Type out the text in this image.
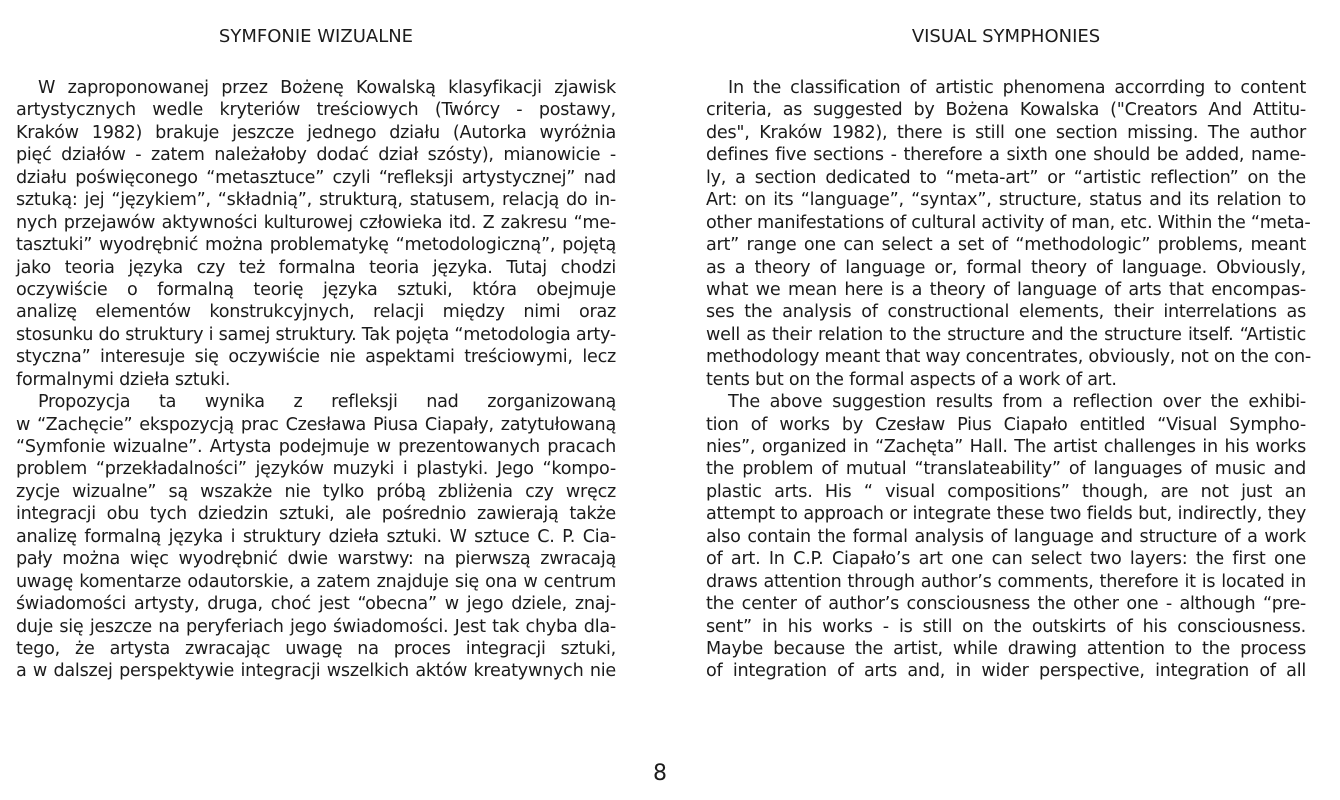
SYMFONIE WIZUALNE
W zaproponowanej przez Bożenę Kowalską klasyfikacji zjawisk
artystycznych wedle kryteriów treściowych (Twórcy - postawy,
Kraków 1982) brakuje jeszcze jednego działu (Autorka wyróżnia
pięć działów - zatem należałoby dodać dział szósty), mianowicie -
działu poświęconego “metasztuce” czyli “refleksji artystycznej” nad
sztuką: jej “językiem”, “składnią”, strukturą, statusem, relacją do in-
nych przejawów aktywności kulturowej człowieka itd. Z zakresu “me-
tasztuki” wyodrębnić można problematykę “metodologiczną”, pojętą
jako teoria języka czy też formalna teoria języka. Tutaj chodzi
oczywiście o formalną teorię języka sztuki, która obejmuje
analizę elementów konstrukcyjnych, relacji między nimi oraz
stosunku do struktury i samej struktury. Tak pojęta “metodologia arty-
styczna” interesuje się oczywiście nie aspektami treściowymi, lecz
formalnymi dzieła sztuki.
Propozycja ta wynika z refleksji nad zorganizowaną
w “Zachęcie” ekspozycją prac Czesława Piusa Ciapały, zatytułowaną
“Symfonie wizualne”. Artysta podejmuje w prezentowanych pracach
problem “przekładalności” języków muzyki i plastyki. Jego “kompo-
zycje wizualne” są wszakże nie tylko próbą zbliżenia czy wręcz
integracji obu tych dziedzin sztuki, ale pośrednio zawierają także
analizę formalną języka i struktury dzieła sztuki. W sztuce C. P. Cia-
pały można więc wyodrębnić dwie warstwy: na pierwszą zwracają
uwagę komentarze odautorskie, a zatem znajduje się ona w centrum
świadomości artysty, druga, choć jest “obecna” w jego dziele, znaj-
duje się jeszcze na peryferiach jego świadomości. Jest tak chyba dla-
tego, że artysta zwracając uwagę na proces integracji sztuki,
a w dalszej perspektywie integracji wszelkich aktów kreatywnych nie
VISUAL SYMPHONIES
In the classification of artistic phenomena accorrding to content
criteria, as suggested by Bożena Kowalska ("Creators And Attitu-
des", Kraków 1982), there is still one section missing. The author
defines five sections - therefore a sixth one should be added, name-
ly, a section dedicated to “meta-art” or “artistic reflection” on the
Art: on its “language”, “syntax”, structure, status and its relation to
other manifestations of cultural activity of man, etc. Within the “meta-
art” range one can select a set of “methodologic” problems, meant
as a theory of language or, formal theory of language. Obviously,
what we mean here is a theory of language of arts that encompas-
ses the analysis of constructional elements, their interrelations as
well as their relation to the structure and the structure itself. “Artistic
methodology meant that way concentrates, obviously, not on the con-
tents but on the formal aspects of a work of art.
The above suggestion results from a reflection over the exhibi-
tion of works by Czesław Pius Ciapało entitled “Visual Sympho-
nies”, organized in “Zachęta” Hall. The artist challenges in his works
the problem of mutual “translateability” of languages of music and
plastic arts. His “ visual compositions” though, are not just an
attempt to approach or integrate these two fields but, indirectly, they
also contain the formal analysis of language and structure of a work
of art. In C.P. Ciapało’s art one can select two layers: the first one
draws attention through author’s comments, therefore it is located in
the center of author’s consciousness the other one - although “pre-
sent” in his works - is still on the outskirts of his consciousness.
Maybe because the artist, while drawing attention to the process
of integration of arts and, in wider perspective, integration of all
8
